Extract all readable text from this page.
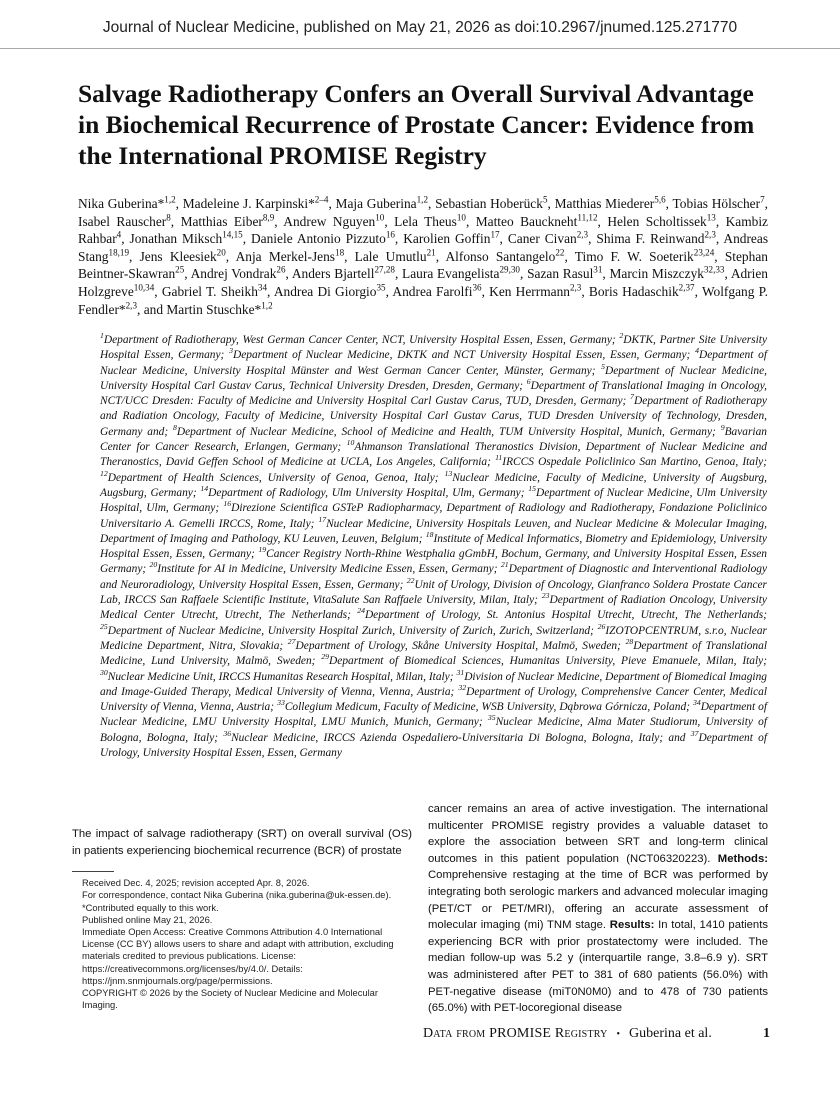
Journal of Nuclear Medicine, published on May 21, 2026 as doi:10.2967/jnumed.125.271770
Salvage Radiotherapy Confers an Overall Survival Advantage in Biochemical Recurrence of Prostate Cancer: Evidence from the International PROMISE Registry
Nika Guberina*$^{1,2}$, Madeleine J. Karpinski*$^{2-4}$, Maja Guberina$^{1,2}$, Sebastian Hoberück$^5$, Matthias Miederer$^{5,6}$, Tobias Hölscher$^7$, Isabel Rauscher$^8$, Matthias Eiber$^{8,9}$, Andrew Nguyen$^{10}$, Lela Theus$^{10}$, Matteo Bauckneht$^{11,12}$, Helen Scholtissek$^{13}$, Kambiz Rahbar$^4$, Jonathan Miksch$^{14,15}$, Daniele Antonio Pizzuto$^{16}$, Karolien Goffin$^{17}$, Caner Civan$^{2,3}$, Shima F. Reinwand$^{2,3}$, Andreas Stang$^{18,19}$, Jens Kleesiek$^{20}$, Anja Merkel-Jens$^{18}$, Lale Umutlu$^{21}$, Alfonso Santangelo$^{22}$, Timo F. W. Soeterik$^{23,24}$, Stephan Beintner-Skawran$^{25}$, Andrej Vondrak$^{26}$, Anders Bjartell$^{27,28}$, Laura Evangelista$^{29,30}$, Sazan Rasul$^{31}$, Marcin Miszczyk$^{32,33}$, Adrien Holzgreve$^{10,34}$, Gabriel T. Sheikh$^{34}$, Andrea Di Giorgio$^{35}$, Andrea Farolfi$^{36}$, Ken Herrmann$^{2,3}$, Boris Hadaschik$^{2,37}$, Wolfgang P. Fendler*$^{2,3}$, and Martin Stuschke*$^{1,2}$
$^1$Department of Radiotherapy, West German Cancer Center, NCT, University Hospital Essen, Essen, Germany; $^2$DKTK, Partner Site University Hospital Essen, Germany; $^3$Department of Nuclear Medicine, DKTK and NCT University Hospital Essen, Essen, Germany; $^4$Department of Nuclear Medicine, University Hospital Münster and West German Cancer Center, Münster, Germany; $^5$Department of Nuclear Medicine, University Hospital Carl Gustav Carus, Technical University Dresden, Dresden, Germany; $^6$Department of Translational Imaging in Oncology, NCT/UCC Dresden: Faculty of Medicine and University Hospital Carl Gustav Carus, TUD, Dresden, Germany; $^7$Department of Radiotherapy and Radiation Oncology, Faculty of Medicine, University Hospital Carl Gustav Carus, TUD Dresden University of Technology, Dresden, Germany and; $^8$Department of Nuclear Medicine, School of Medicine and Health, TUM University Hospital, Munich, Germany; $^9$Bavarian Center for Cancer Research, Erlangen, Germany; $^{10}$Ahmanson Translational Theranostics Division, Department of Nuclear Medicine and Theranostics, David Geffen School of Medicine at UCLA, Los Angeles, California; $^{11}$IRCCS Ospedale Policlinico San Martino, Genoa, Italy; $^{12}$Department of Health Sciences, University of Genoa, Genoa, Italy; $^{13}$Nuclear Medicine, Faculty of Medicine, University of Augsburg, Augsburg, Germany; $^{14}$Department of Radiology, Ulm University Hospital, Ulm, Germany; $^{15}$Department of Nuclear Medicine, Ulm University Hospital, Ulm, Germany; $^{16}$Direzione Scientifica GSTeP Radiopharmacy, Department of Radiology and Radiotherapy, Fondazione Policlinico Universitario A. Gemelli IRCCS, Rome, Italy; $^{17}$Nuclear Medicine, University Hospitals Leuven, and Nuclear Medicine & Molecular Imaging, Department of Imaging and Pathology, KU Leuven, Leuven, Belgium; $^{18}$Institute of Medical Informatics, Biometry and Epidemiology, University Hospital Essen, Essen, Germany; $^{19}$Cancer Registry North-Rhine Westphalia gGmbH, Bochum, Germany, and University Hospital Essen, Essen Germany; $^{20}$Institute for AI in Medicine, University Medicine Essen, Essen, Germany; $^{21}$Department of Diagnostic and Interventional Radiology and Neuroradiology, University Hospital Essen, Essen, Germany; $^{22}$Unit of Urology, Division of Oncology, Gianfranco Soldera Prostate Cancer Lab, IRCCS San Raffaele Scientific Institute, VitaSalute San Raffaele University, Milan, Italy; $^{23}$Department of Radiation Oncology, University Medical Center Utrecht, Utrecht, The Netherlands; $^{24}$Department of Urology, St. Antonius Hospital Utrecht, Utrecht, The Netherlands; $^{25}$Department of Nuclear Medicine, University Hospital Zurich, University of Zurich, Zurich, Switzerland; $^{26}$IZOTOPCENTRUM, s.r.o, Nuclear Medicine Department, Nitra, Slovakia; $^{27}$Department of Urology, Skåne University Hospital, Malmö, Sweden; $^{28}$Department of Translational Medicine, Lund University, Malmö, Sweden; $^{29}$Department of Biomedical Sciences, Humanitas University, Pieve Emanuele, Milan, Italy; $^{30}$Nuclear Medicine Unit, IRCCS Humanitas Research Hospital, Milan, Italy; $^{31}$Division of Nuclear Medicine, Department of Biomedical Imaging and Image-Guided Therapy, Medical University of Vienna, Vienna, Austria; $^{32}$Department of Urology, Comprehensive Cancer Center, Medical University of Vienna, Vienna, Austria; $^{33}$Collegium Medicum, Faculty of Medicine, WSB University, Dąbrowa Górnicza, Poland; $^{34}$Department of Nuclear Medicine, LMU University Hospital, LMU Munich, Munich, Germany; $^{35}$Nuclear Medicine, Alma Mater Studiorum, University of Bologna, Bologna, Italy; $^{36}$Nuclear Medicine, IRCCS Azienda Ospedaliero-Universitaria Di Bologna, Bologna, Italy; and $^{37}$Department of Urology, University Hospital Essen, Essen, Germany

The impact of salvage radiotherapy (SRT) on overall survival (OS) in patients experiencing biochemical recurrence (BCR) of prostate

Received Dec. 4, 2025; revision accepted Apr. 8, 2026.
For correspondence, contact Nika Guberina (nika.guberina@uk-essen.de).
*Contributed equally to this work.
Published online May 21, 2026.
Immediate Open Access: Creative Commons Attribution 4.0 International License (CC BY) allows users to share and adapt with attribution, excluding materials credited to previous publications. License: https://creativecommons.org/licenses/by/4.0/. Details: https://jnm.snmjournals.org/page/permissions.
COPYRIGHT © 2026 by the Society of Nuclear Medicine and Molecular Imaging.
cancer remains an area of active investigation. The international multicenter PROMISE registry provides a valuable dataset to explore the association between SRT and long-term clinical outcomes in this patient population (NCT06320223). Methods: Comprehensive restaging at the time of BCR was performed by integrating both serologic markers and advanced molecular imaging (PET/CT or PET/MRI), offering an accurate assessment of molecular imaging (mi) TNM stage. Results: In total, 1410 patients experiencing BCR with prior prostatectomy were included. The median follow-up was 5.2 y (interquartile range, 3.8–6.9 y). SRT was administered after PET to 381 of 680 patients (56.0%) with PET-negative disease (miT0N0M0) and to 478 of 730 patients (65.0%) with PET-locoregional disease
Data from PROMISE Registry • Guberina et al.	1
